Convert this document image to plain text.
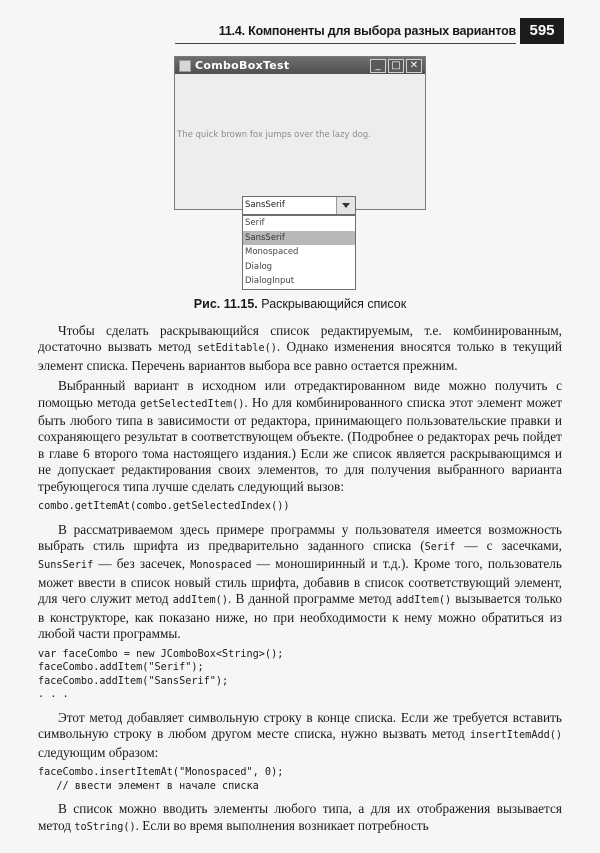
11.4. Компоненты для выбора разных вариантов 595
ComboBoxTest	_	□ ✕
The quick brown fox jumps over the lazy dog.
SansSerif
Serif
SansSerif
Monospaced
Dialog
DialogInput
Рис. 11.15. Раскрывающийся список

Чтобы сделать раскрывающийся список редактируемым, т.е. комбинированным, достаточно вызвать метод setEditable(). Однако изменения вносятся только в текущий элемент списка. Перечень вариантов выбора все равно остается прежним.

Выбранный вариант в исходном или отредактированном виде можно получить с помощью метода getSelectedItem(). Но для комбинированного списка этот элемент может быть любого типа в зависимости от редактора, принимающего пользовательские правки и сохраняющего результат в соответствующем объекте. (Подробнее о редакторах речь пойдет в главе 6 второго тома настоящего издания.) Если же список является раскрывающимся и не допускает редактирования своих элементов, то для получения выбранного варианта требующегося типа лучше сделать следующий вызов:

combo.getItemAt(combo.getSelectedIndex())

В рассматриваемом здесь примере программы у пользователя имеется возможность выбрать стиль шрифта из предварительно заданного списка (Serif — с засечками, SunsSerif — без засечек, Monospaced — моноширинный и т.д.). Кроме того, пользователь может ввести в список новый стиль шрифта, добавив в список соответствующий элемент, для чего служит метод addItem(). В данной программе метод addItem() вызывается только в конструкторе, как показано ниже, но при необходимости к нему можно обратиться из любой части программы.

var faceCombo = new JComboBox<String>();
faceCombo.addItem("Serif");
faceCombo.addItem("SansSerif");
. . .

Этот метод добавляет символьную строку в конце списка. Если же требуется вставить символьную строку в любом другом месте списка, нужно вызвать метод insertItemAdd() следующим образом:

faceCombo.insertItemAt("Monospaced", 0);
// ввести элемент в начале списка

В список можно вводить элементы любого типа, а для их отображения вызывается метод toString(). Если во время выполнения возникает потребность
